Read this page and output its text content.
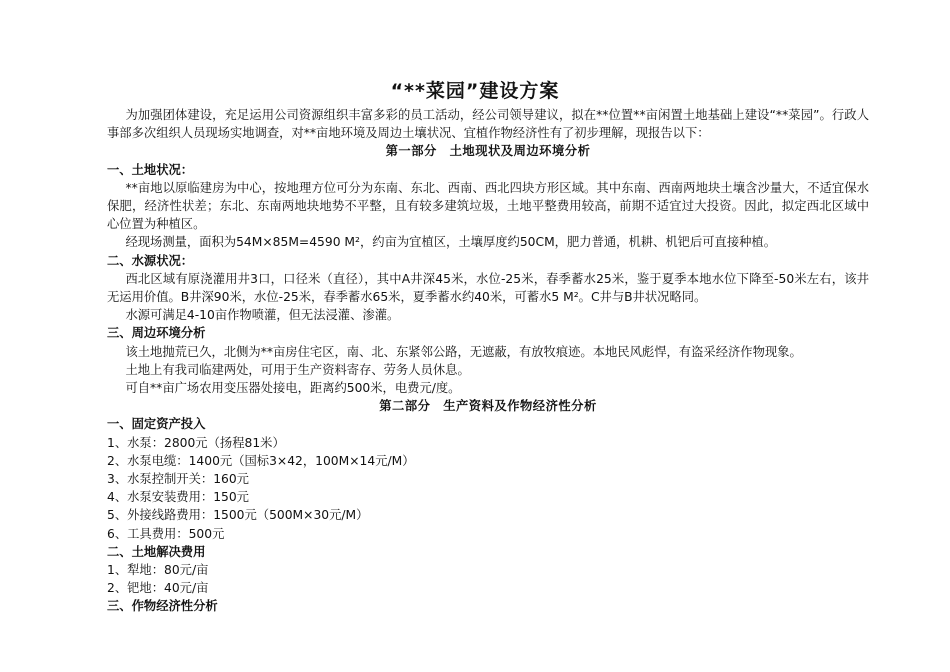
“**菜园”建设方案

为加强团体建设，充足运用公司资源组织丰富多彩的员工活动，经公司领导建议，拟在**位置**亩闲置土地基础上建设“**菜园”。行政人事部多次组织人员现场实地调查，对**亩地环境及周边土壤状况、宜植作物经济性有了初步理解，现报告以下：

第一部分　土地现状及周边环境分析

一、土地状况：

**亩地以原临建房为中心，按地理方位可分为东南、东北、西南、西北四块方形区域。其中东南、西南两地块土壤含沙量大，不适宜保水保肥，经济性状差；东北、东南两地块地势不平整，且有较多建筑垃圾，土地平整费用较高，前期不适宜过大投资。因此，拟定西北区域中心位置为种植区。

经现场测量，面积为54M×85M=4590 M²，约亩为宜植区，土壤厚度约50CM，肥力普通，机耕、机钯后可直接种植。

二、水源状况：

西北区域有原浇灌用井3口，口径米（直径），其中A井深45米，水位-25米，春季蓄水25米，鉴于夏季本地水位下降至-50米左右，该井无运用价值。B井深90米，水位-25米，春季蓄水65米，夏季蓄水约40米，可蓄水5 M²。C井与B井状况略同。

水源可满足4-10亩作物喷灌，但无法浸灌、渗灌。

三、周边环境分析

该土地抛荒已久，北侧为**亩房住宅区，南、北、东紧邻公路，无遮蔽，有放牧痕迹。本地民风彪悍，有盗采经济作物现象。

土地上有我司临建两处，可用于生产资料寄存、劳务人员休息。

可自**亩广场农用变压器处接电，距离约500米，电费元/度。

第二部分　生产资料及作物经济性分析

一、固定资产投入

1、水泵：2800元（扬程81米）

2、水泵电缆：1400元（国标3×42，100M×14元/M）

3、水泵控制开关：160元

4、水泵安装费用：150元

5、外接线路费用：1500元（500M×30元/M）

6、工具费用：500元

二、土地解决费用

1、犁地：80元/亩

2、钯地：40元/亩

三、作物经济性分析
